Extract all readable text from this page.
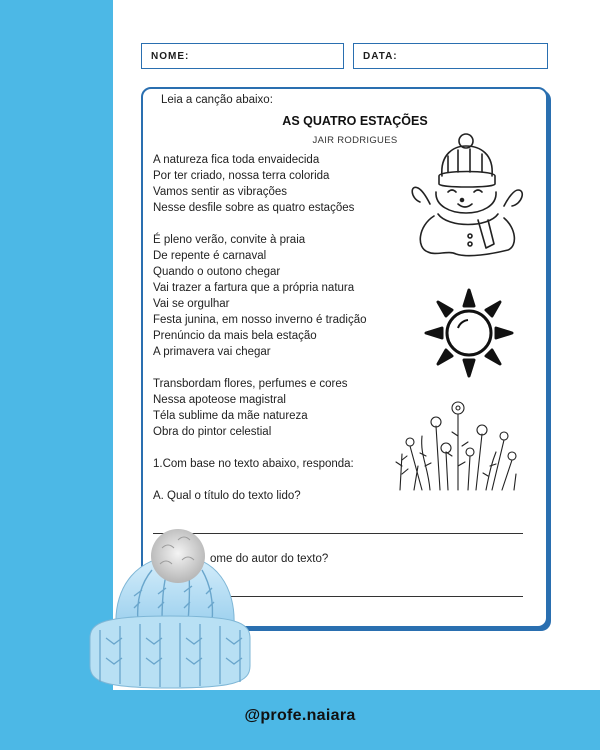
NOME:	DATA:
Leia a canção abaixo:
AS QUATRO ESTAÇÕES
JAIR RODRIGUES
A natureza fica toda envaidecida
Por ter criado, nossa terra colorida
Vamos sentir as vibrações
Nesse desfile sobre as quatro estações
É pleno verão, convite à praia
De repente é carnaval
Quando o outono chegar
Vai trazer a fartura que a própria natura
Vai se orgulhar
Festa junina, em nosso inverno é tradição
Prenúncio da mais bela estação
A primavera vai chegar
Transbordam flores, perfumes e cores
Nessa apoteose magistral
Téla sublime da mãe natureza
Obra do pintor celestial
1.Com base no texto abaixo, responda:
A. Qual o título do texto lido?
ome do autor do texto?
@profe.naiara
